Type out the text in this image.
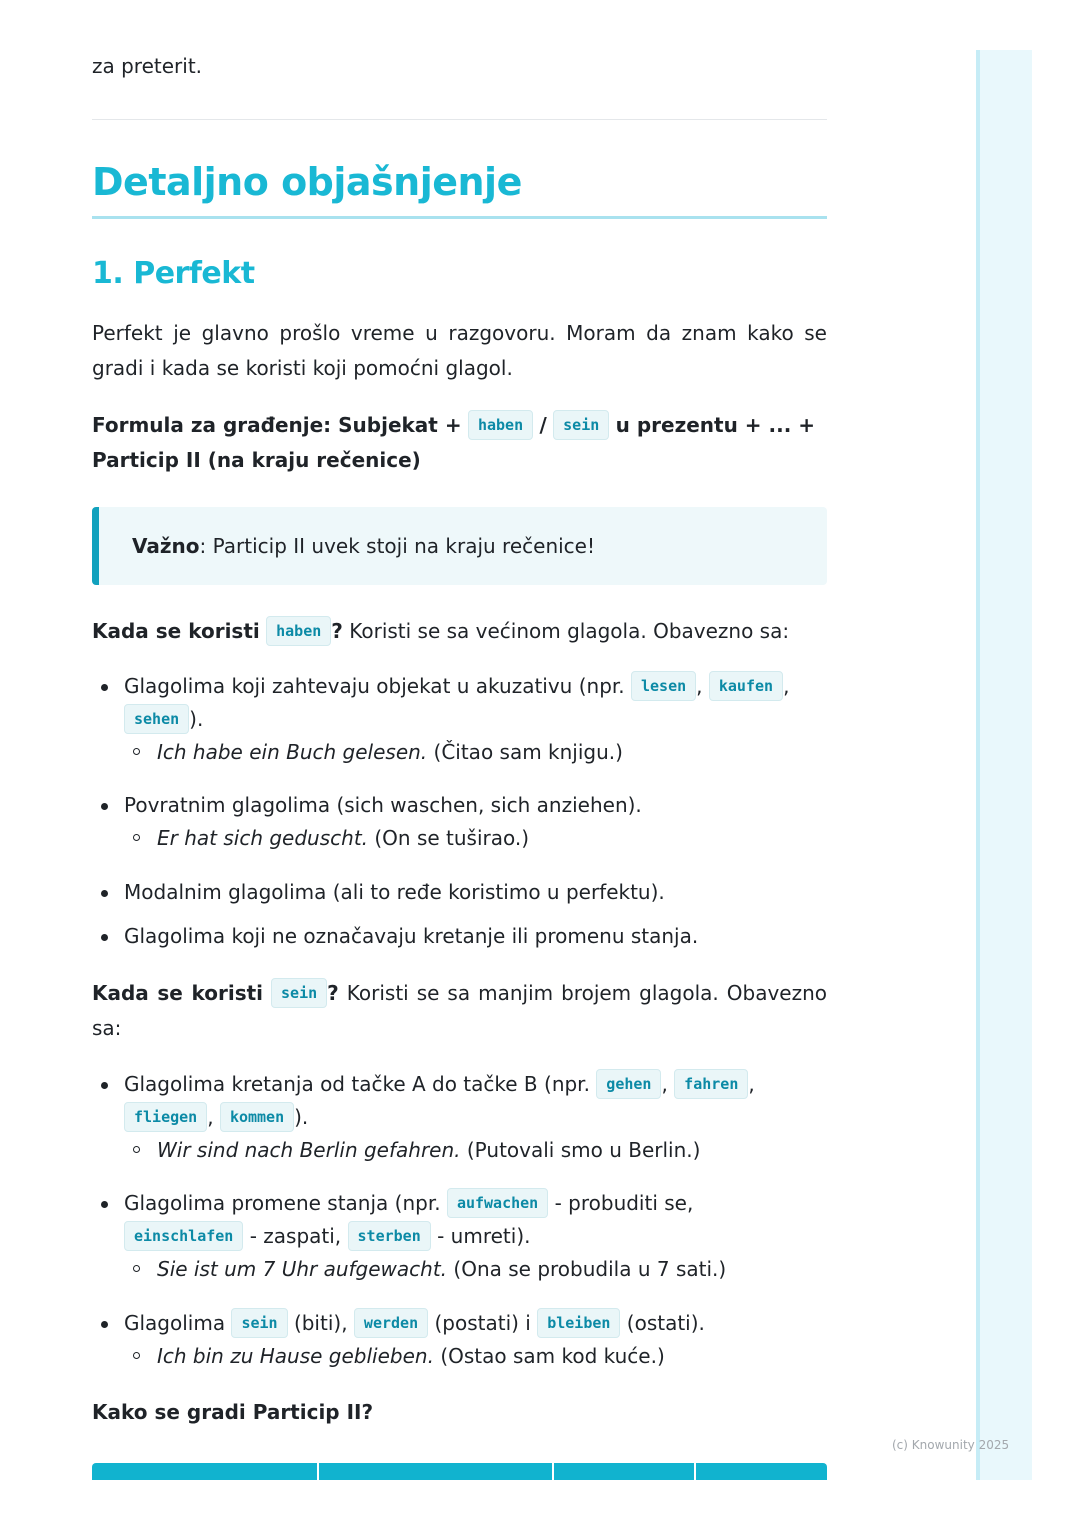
za preterit.

Detaljno objašnjenje
1. Perfekt

Perfekt je glavno prošlo vreme u razgovoru. Moram da znam kako se gradi i kada se koristi koji pomoćni glagol.

Formula za građenje: Subjekat + haben / sein u prezentu + ... +
Particip II (na kraju rečenice)

Važno: Particip II uvek stoji na kraju rečenice!

Kada se koristi haben ? Koristi se sa većinom glagola. Obavezno sa:

Glagolima koji zahtevaju objekat u akuzativu (npr. lesen , kaufen ,
sehen ).
Ich habe ein Buch gelesen. (Čitao sam knjigu.)
Povratnim glagolima (sich waschen, sich anziehen).
Er hat sich geduscht. (On se tuširao.)
Modalnim glagolima (ali to ređe koristimo u perfektu).
Glagolima koji ne označavaju kretanje ili promenu stanja.

Kada se koristi sein ? Koristi se sa manjim brojem glagola. Obavezno sa:

Glagolima kretanja od tačke A do tačke B (npr. gehen , fahren ,
fliegen , kommen ).
Wir sind nach Berlin gefahren. (Putovali smo u Berlin.)
Glagolima promene stanja (npr. aufwachen - probuditi se,
einschlafen - zaspati, sterben - umreti).
Sie ist um 7 Uhr aufgewacht. (Ona se probudila u 7 sati.)
Glagolima sein (biti), werden (postati) i bleiben (ostati).
Ich bin zu Hause geblieben. (Ostao sam kod kuće.)

Kako se gradi Particip II?

(c) Knowunity 2025
